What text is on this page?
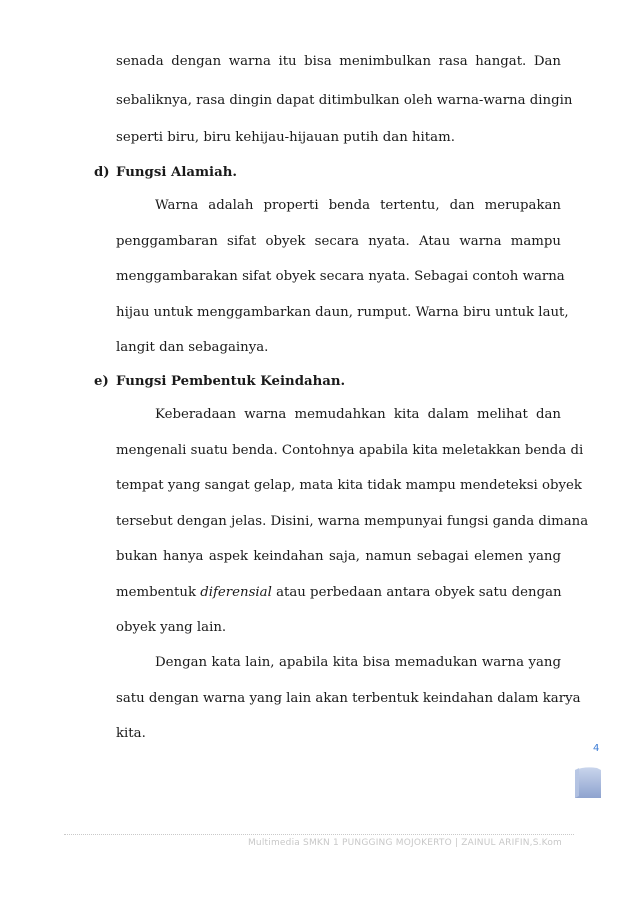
senada dengan warna itu bisa menimbulkan rasa hangat. Dan
sebaliknya, rasa dingin dapat ditimbulkan oleh warna-warna dingin
seperti biru, biru kehijau-hijauan putih dan hitam.
d) Fungsi Alamiah.
Warna adalah properti benda tertentu, dan merupakan
penggambaran sifat obyek secara nyata. Atau warna mampu
menggambarakan sifat obyek secara nyata. Sebagai contoh warna
hijau untuk menggambarkan daun, rumput. Warna biru untuk laut,
langit dan sebagainya.
e) Fungsi Pembentuk Keindahan.
Keberadaan warna memudahkan kita dalam melihat dan
mengenali suatu benda. Contohnya apabila kita meletakkan benda di
tempat yang sangat gelap, mata kita tidak mampu mendeteksi obyek
tersebut dengan jelas. Disini, warna mempunyai fungsi ganda dimana
bukan hanya aspek keindahan saja, namun sebagai elemen yang
membentuk diferensial atau perbedaan antara obyek satu dengan
obyek yang lain.
Dengan kata lain, apabila kita bisa memadukan warna yang
satu dengan warna yang lain akan terbentuk keindahan dalam karya
kita.
4
Multimedia SMKN 1 PUNGGING MOJOKERTO | ZAINUL ARIFIN,S.Kom
